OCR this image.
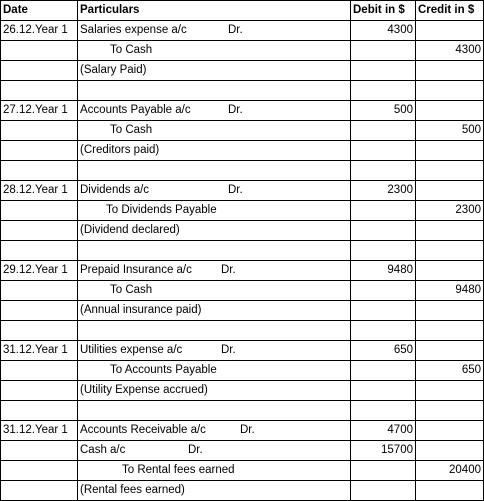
Date	Particulars	Debit in $	Credit in $
26.12.Year 1	Salaries expense a/c Dr.	4300	
	To Cash		4300
	(Salary Paid)		

27.12.Year 1	Accounts Payable a/c Dr.	500	
	To Cash		500
	(Creditors paid)		

28.12.Year 1	Dividends a/c Dr.	2300	
	To Dividends Payable		2300
	(Dividend declared)		

29.12.Year 1	Prepaid Insurance a/c Dr.	9480	
	To Cash		9480
	(Annual insurance paid)		

31.12.Year 1	Utilities expense a/c Dr.	650	
	To Accounts Payable		650
	(Utility Expense accrued)		

31.12.Year 1	Accounts Receivable a/c Dr.	4700	
	Cash a/c Dr.	15700	
	To Rental fees earned		20400
	(Rental fees earned)		
